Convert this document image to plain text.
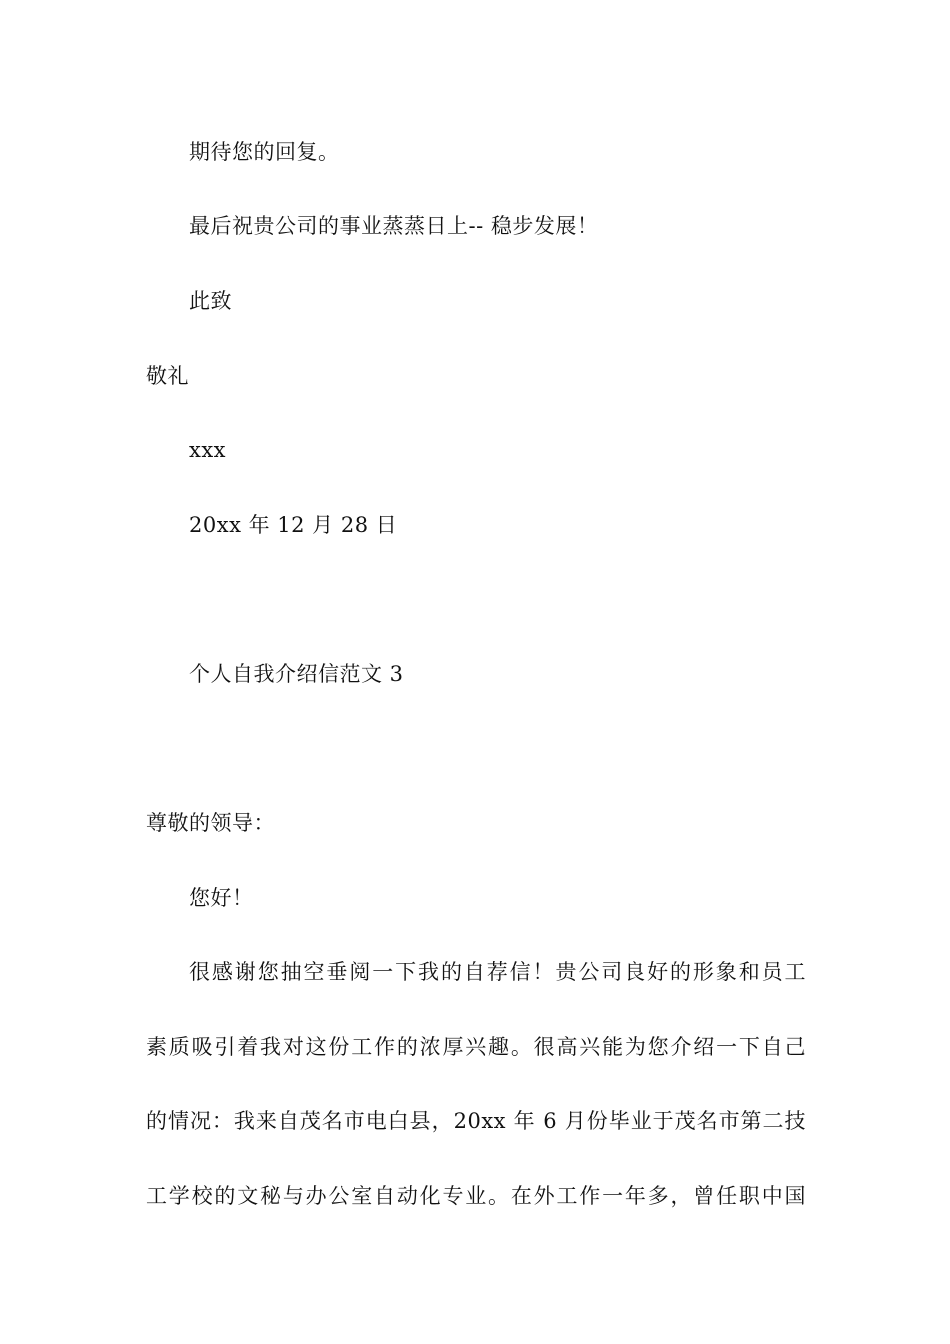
期待您的回复。
最后祝贵公司的事业蒸蒸日上-- 稳步发展！
此致
敬礼
xxx
20xx 年 12 月 28 日
个人自我介绍信范文 3
尊敬的领导：
您好！
很感谢您抽空垂阅一下我的自荐信！贵公司良好的形象和员工
素质吸引着我对这份工作的浓厚兴趣。很高兴能为您介绍一下自己
的情况：我来自茂名市电白县，20xx 年 6 月份毕业于茂名市第二技
工学校的文秘与办公室自动化专业。在外工作一年多，曾任职中国
